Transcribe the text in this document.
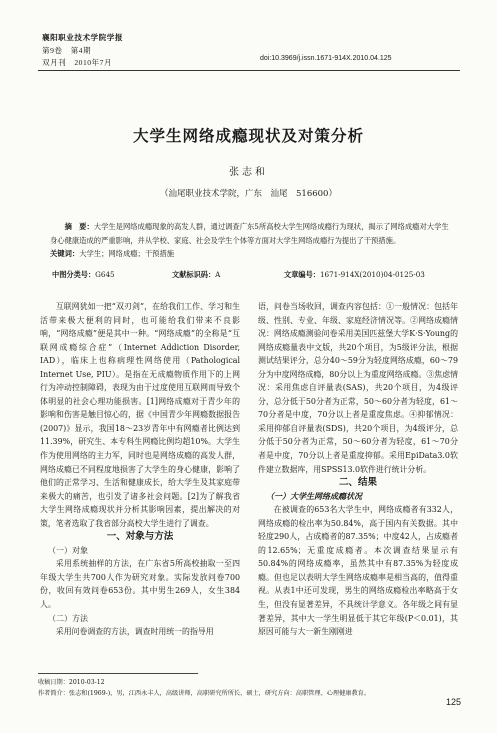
襄阳职业技术学院学报
第9卷　第4期
双月刊　2010年7月	doi:10.3969/j.issn.1671-914X.2010.04.125
大学生网络成瘾现状及对策分析
张志和
（汕尾职业技术学院，广东　汕尾　516600）
摘　要：大学生是网络成瘾现象的高发人群，通过调查广东5所高校大学生网络成瘾行为现状，揭示了网络成瘾对大学生身心健康造成的严重影响，并从学校、家庭、社会及学生个体等方面对大学生网络成瘾行为提出了干预措施。
关键词：大学生；网络成瘾；干预措施
中图分类号：G645	文献标识码：A	文章编号：1671-914X(2010)04-0125-03

互联网犹如一把“双刃剑”，在给我们工作、学习和生活带来极大便利的同时，也可能给我们带来不良影响，“网络成瘾”便是其中一种。“网络成瘾”的全称是“互联网成瘾综合症”（Internet Addiction Disorder, IAD），临床上也称病理性网络使用（Pathological Internet Use, PIU）。是指在无成瘾物质作用下的上网行为冲动控制障碍，表现为由于过度使用互联网而导致个体明显的社会心理功能损害。[1]网络成瘾对于青少年的影响和伤害是触目惊心的，据《中国青少年网瘾数据报告(2007)》显示，我国18～23岁青年中有网瘾者比例达到11.39%，研究生、本专科生网瘾比例均超10%。大学生作为使用网络的主力军，同时也是网络成瘾的高发人群，网络成瘾已不同程度地损害了大学生的身心健康，影响了他们的正常学习、生活和健康成长，给大学生及其家庭带来极大的痛苦，也引发了诸多社会问题。[2]为了解我省大学生网络成瘾现状并分析其影响因素，提出解决的对策，笔者选取了我省部分高校大学生进行了调查。

一、对象与方法

（一）对象

采用系统抽样的方法，在广东省5所高校抽取一至四年级大学生共700人作为研究对象。实际发放问卷700份，收回有效问卷653份。其中男生269人，女生384人。

（二）方法

采用问卷调查的方法，调查时用统一的指导用

语，问卷当场收回，调查内容包括：①一般情况：包括年级、性别、专业、年级、家庭经济情况等。②网络成瘾情况：网络成瘾测验问卷采用美国匹兹堡大学K·S·Young的网络成瘾量表中文版，共20个项目，为5级评分法，根据测试结果评分，总分40～59分为轻度网络成瘾，60～79分为中度网络成瘾，80分以上为重度网络成瘾。③焦虑情况：采用焦虑自评量表(SAS)，共20个项目，为4级评分，总分低于50分者为正常，50～60分者为轻度，61～70分者是中度，70分以上者是重度焦虑。④抑郁情况：采用抑郁自评量表(SDS)，共20个项目，为4级评分，总分低于50分者为正常，50～60分者为轻度，61～70分者是中度，70分以上者是重度抑郁。采用EpiData3.0软件建立数据库，用SPSS13.0软件进行统计分析。

二、结果

（一）大学生网络成瘾状况

在被调查的653名大学生中，网络成瘾者有332人，网络成瘾的检出率为50.84%，高于国内有关数据。其中轻度290人，占成瘾者的87.35%；中度42人，占成瘾者的12.65%；无重度成瘾者。本次调查结果显示有50.84%的网络成瘾率，虽然其中有87.35%为轻度成瘾。但也足以表明大学生网络成瘾率是相当高的，值得重视。从表1中还可发现，男生的网络成瘾检出率略高于女生，但没有显著差异，不具统计学意义。各年级之间有显著差异，其中大一学生明显低于其它年级(P＜0.01)，其原因可能与大一新生刚刚进

收稿日期：2010-03-12
作者简介：张志和(1969-)，男，江西永丰人，高级讲师，高职研究所所长，硕士，研究方向：高职管理、心理健康教育。
125
